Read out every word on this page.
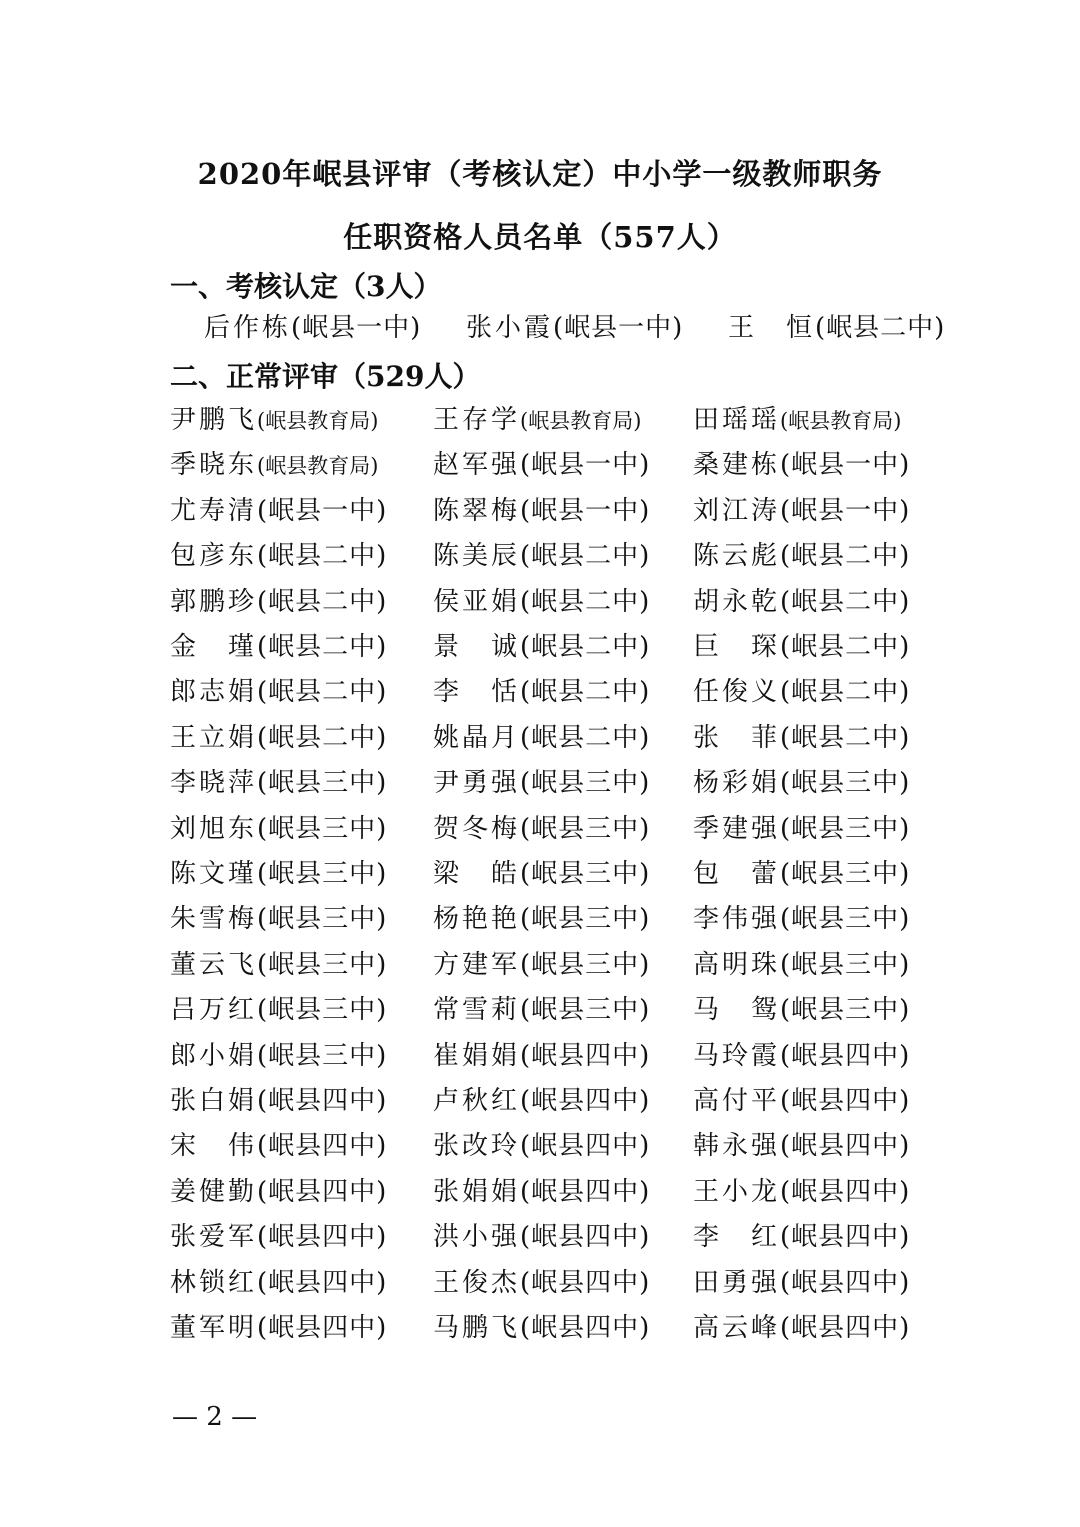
2020年岷县评审（考核认定）中小学一级教师职务
任职资格人员名单（557人）
一、考核认定（3人）
后作栋(岷县一中) 张小霞(岷县一中) 王　恒(岷县二中)
二、正常评审（529人）
尹鹏飞(岷县教育局) 王存学(岷县教育局) 田瑶瑶(岷县教育局)
季晓东(岷县教育局) 赵军强(岷县一中) 桑建栋(岷县一中)
尤寿清(岷县一中) 陈翠梅(岷县一中) 刘江涛(岷县一中)
包彦东(岷县二中) 陈美辰(岷县二中) 陈云彪(岷县二中)
郭鹏珍(岷县二中) 侯亚娟(岷县二中) 胡永乾(岷县二中)
金　瑾(岷县二中) 景　诚(岷县二中) 巨　琛(岷县二中)
郎志娟(岷县二中) 李　恬(岷县二中) 任俊义(岷县二中)
王立娟(岷县二中) 姚晶月(岷县二中) 张　菲(岷县二中)
李晓萍(岷县三中) 尹勇强(岷县三中) 杨彩娟(岷县三中)
刘旭东(岷县三中) 贺冬梅(岷县三中) 季建强(岷县三中)
陈文瑾(岷县三中) 梁　皓(岷县三中) 包　蕾(岷县三中)
朱雪梅(岷县三中) 杨艳艳(岷县三中) 李伟强(岷县三中)
董云飞(岷县三中) 方建军(岷县三中) 高明珠(岷县三中)
吕万红(岷县三中) 常雪莉(岷县三中) 马　鸳(岷县三中)
郎小娟(岷县三中) 崔娟娟(岷县四中) 马玲霞(岷县四中)
张白娟(岷县四中) 卢秋红(岷县四中) 高付平(岷县四中)
宋　伟(岷县四中) 张改玲(岷县四中) 韩永强(岷县四中)
姜健勤(岷县四中) 张娟娟(岷县四中) 王小龙(岷县四中)
张爱军(岷县四中) 洪小强(岷县四中) 李　红(岷县四中)
林锁红(岷县四中) 王俊杰(岷县四中) 田勇强(岷县四中)
董军明(岷县四中) 马鹏飞(岷县四中) 高云峰(岷县四中)
— 2 —
